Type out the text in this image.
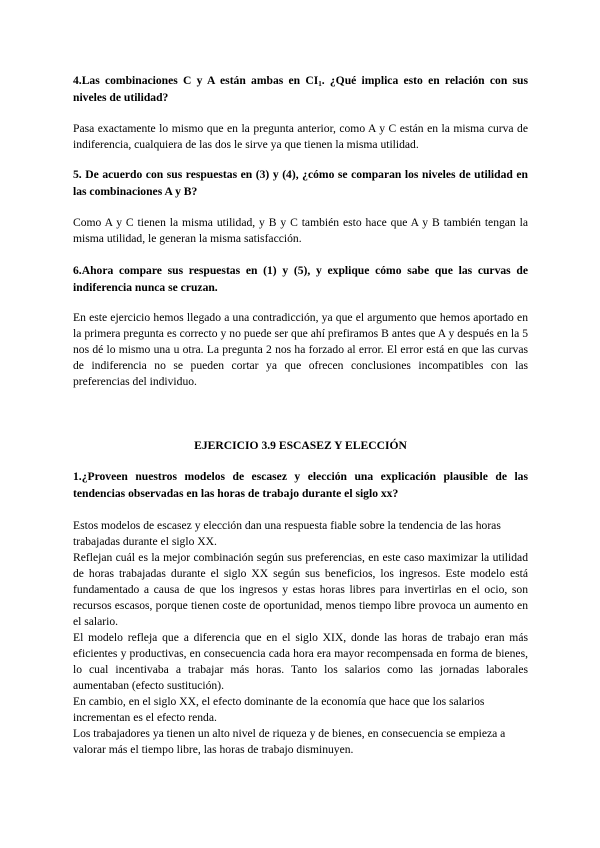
4.Las combinaciones C y A están ambas en $CI_1$. ¿Qué implica esto en relación con sus niveles de utilidad?

Pasa exactamente lo mismo que en la pregunta anterior, como A y C están en la misma curva de indiferencia, cualquiera de las dos le sirve ya que tienen la misma utilidad.

5. De acuerdo con sus respuestas en (3) y (4), ¿cómo se comparan los niveles de utilidad en las combinaciones A y B?

Como A y C tienen la misma utilidad, y B y C también esto hace que A y B también tengan la misma utilidad, le generan la misma satisfacción.

6.Ahora compare sus respuestas en (1) y (5), y explique cómo sabe que las curvas de indiferencia nunca se cruzan.

En este ejercicio hemos llegado a una contradicción, ya que el argumento que hemos aportado en la primera pregunta es correcto y no puede ser que ahí prefiramos B antes que A y después en la 5 nos dé lo mismo una u otra. La pregunta 2 nos ha forzado al error. El error está en que las curvas de indiferencia no se pueden cortar ya que ofrecen conclusiones incompatibles con las preferencias del individuo.

EJERCICIO 3.9 ESCASEZ Y ELECCIÓN

1.¿Proveen nuestros modelos de escasez y elección una explicación plausible de las tendencias observadas en las horas de trabajo durante el siglo xx?

Estos modelos de escasez y elección dan una respuesta fiable sobre la tendencia de las horas trabajadas durante el siglo XX.

Reflejan cuál es la mejor combinación según sus preferencias, en este caso maximizar la utilidad de horas trabajadas durante el siglo XX según sus beneficios, los ingresos. Este modelo está fundamentado a causa de que los ingresos y estas horas libres para invertirlas en el ocio, son recursos escasos, porque tienen coste de oportunidad, menos tiempo libre provoca un aumento en el salario.

El modelo refleja que a diferencia que en el siglo XIX, donde las horas de trabajo eran más eficientes y productivas, en consecuencia cada hora era mayor recompensada en forma de bienes, lo cual incentivaba a trabajar más horas. Tanto los salarios como las jornadas laborales aumentaban (efecto sustitución).

En cambio, en el siglo XX, el efecto dominante de la economía que hace que los salarios incrementan es el efecto renda.

Los trabajadores ya tienen un alto nivel de riqueza y de bienes, en consecuencia se empieza a valorar más el tiempo libre, las horas de trabajo disminuyen.
